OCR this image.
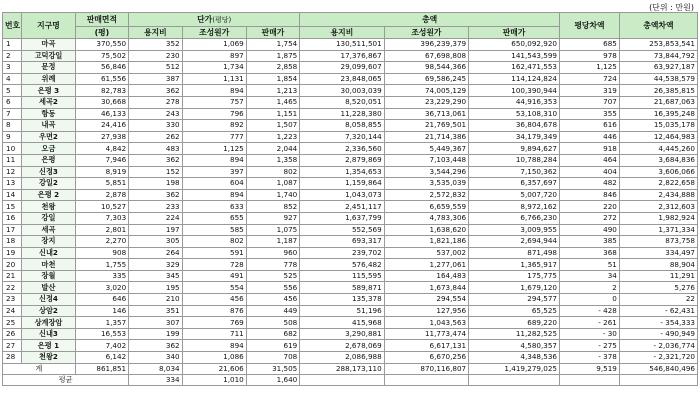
(단위 : 만원)
번호	지구명	판매면적	단가(평당)			총액			평당차액	총액차액
		(평)	용지비	조성원가	판매가	용지비	조성원가	판매가		
1	마곡	370,550	352	1,069	1,754	130,511,501	396,239,379	650,092,920	685	253,853,541
2	고덕강일	75,502	230	897	1,875	17,376,867	67,698,808	141,543,599	978	73,844,792
3	문정	56,846	512	1,734	2,858	29,099,607	98,544,366	162,471,553	1,125	63,927,187
4	위례	61,556	387	1,131	1,854	23,848,065	69,586,245	114,124,824	724	44,538,579
5	은평 3	82,783	362	894	1,213	30,003,039	74,005,129	100,390,944	319	26,385,815
6	세곡2	30,668	278	757	1,465	8,520,051	23,229,290	44,916,353	707	21,687,063
7	항동	46,133	243	796	1,151	11,228,380	36,713,061	53,108,310	355	16,395,248
8	내곡	24,416	330	892	1,507	8,058,855	21,769,501	36,804,678	616	15,035,178
9	우면2	27,938	262	777	1,223	7,320,144	21,714,386	34,179,349	446	12,464,983
10	오금	4,842	483	1,125	2,044	2,336,560	5,449,367	9,894,627	918	4,445,260
11	은평	7,946	362	894	1,358	2,879,869	7,103,448	10,788,284	464	3,684,836
12	신정3	8,919	152	397	802	1,354,653	3,544,296	7,150,362	404	3,606,066
13	강일2	5,851	198	604	1,087	1,159,864	3,535,039	6,357,697	482	2,822,658
14	은평 2	2,878	362	894	1,740	1,043,073	2,572,832	5,007,720	846	2,434,888
15	천왕	10,527	233	633	852	2,451,117	6,659,559	8,972,162	220	2,312,603
16	강일	7,303	224	655	927	1,637,799	4,783,306	6,766,230	272	1,982,924
17	세곡	2,801	197	585	1,075	552,569	1,638,620	3,009,955	490	1,371,334
18	장지	2,270	305	802	1,187	693,317	1,821,186	2,694,944	385	873,758
19	신내2	908	264	591	960	239,702	537,002	871,498	368	334,497
20	마천	1,755	329	728	778	576,482	1,277,061	1,365,917	51	88,904
21	장월	335	345	491	525	115,595	164,483	175,775	34	11,291
22	발산	3,020	195	554	556	589,871	1,673,844	1,679,120	2	5,276
23	신정4	646	210	456	456	135,378	294,554	294,577	0	22
24	상암2	146	351	876	449	51,196	127,956	65,525	- 428	- 62,431
25	상계장암	1,357	307	769	508	415,968	1,043,563	689,220	- 261	- 354,333
26	신내3	16,553	199	711	682	3,290,881	11,773,474	11,282,525	- 30	- 490,949
27	은평 1	7,402	362	894	619	2,678,069	6,617,131	4,580,357	- 275	- 2,036,774
28	천왕2	6,142	340	1,086	708	2,086,988	6,670,256	4,348,536	- 378	- 2,321,720
계		861,851	8,034	21,606	31,505	288,173,110	870,116,807	1,419,279,025	9,519	546,840,496
평균			334	1,010	1,640					
